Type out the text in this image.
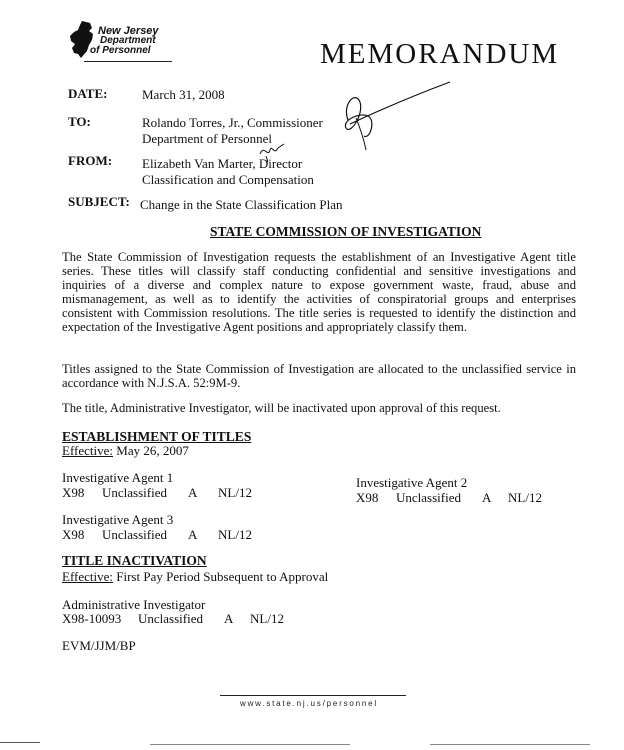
New Jersey
Department
of Personnel	MEMORANDUM
DATE:	March 31, 2008
TO:	Rolando Torres, Jr., Commissioner
Department of Personnel
FROM: Elizabeth Van Marter, Director
Classification and Compensation
SUBJECT: Change in the State Classification Plan
STATE COMMISSION OF INVESTIGATION
The State Commission of Investigation requests the establishment of an Investigative Agent title series. These titles will classify staff conducting confidential and sensitive investigations and inquiries of a diverse and complex nature to expose government waste, fraud, abuse and mismanagement, as well as to identify the activities of conspiratorial groups and enterprises consistent with Commission resolutions. The title series is requested to identify the distinction and expectation of the Investigative Agent positions and appropriately classify them.
Titles assigned to the State Commission of Investigation are allocated to the unclassified service in accordance with N.J.S.A. 52:9M-9.
The title, Administrative Investigator, will be inactivated upon approval of this request.
ESTABLISHMENT OF TITLES
Effective: May 26, 2007
Investigative Agent 1
X98 Unclassified A NL/12
Investigative Agent 2
X98 Unclassified A NL/12
Investigative Agent 3
X98 Unclassified A NL/12
TITLE INACTIVATION
Effective: First Pay Period Subsequent to Approval
Administrative Investigator
X98-10093 Unclassified A NL/12
EVM/JJM/BP
www.state.nj.us/personnel
